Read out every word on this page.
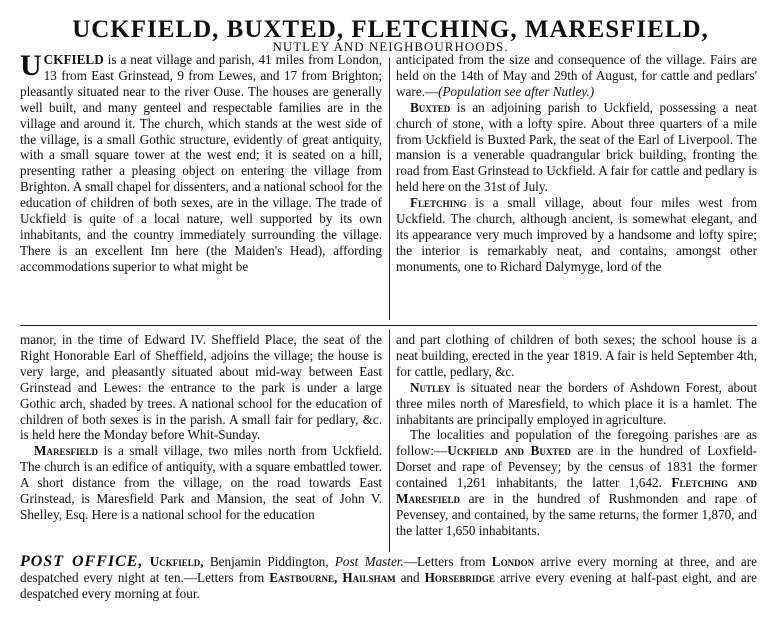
UCKFIELD, BUXTED, FLETCHING, MARESFIELD,
NUTLEY AND NEIGHBOURHOODS.

UCKFIELD is a neat village and parish, 41 miles from London, 13 from East Grinstead, 9 from Lewes, and 17 from Brighton; pleasantly situated near to the river Ouse. The houses are generally well built, and many genteel and respectable families are in the village and around it. The church, which stands at the west side of the village, is a small Gothic structure, evidently of great antiquity, with a small square tower at the west end; it is seated on a hill, presenting rather a pleasing object on entering the village from Brighton. A small chapel for dissenters, and a national school for the education of children of both sexes, are in the village. The trade of Uckfield is quite of a local nature, well supported by its own inhabitants, and the country immediately surrounding the village. There is an excellent Inn here (the Maiden's Head), affording accommodations superior to what might be

anticipated from the size and consequence of the village. Fairs are held on the 14th of May and 29th of August, for cattle and pedlars' ware.—(Population see after Nutley.)

Buxted is an adjoining parish to Uckfield, possessing a neat church of stone, with a lofty spire. About three quarters of a mile from Uckfield is Buxted Park, the seat of the Earl of Liverpool. The mansion is a venerable quadrangular brick building, fronting the road from East Grinstead to Uckfield. A fair for cattle and pedlary is held here on the 31st of July.

Fletching is a small village, about four miles west from Uckfield. The church, although ancient, is somewhat elegant, and its appearance very much improved by a handsome and lofty spire; the interior is remarkably neat, and contains, amongst other monuments, one to Richard Dalymyge, lord of the

manor, in the time of Edward IV. Sheffield Place, the seat of the Right Honorable Earl of Sheffield, adjoins the village; the house is very large, and pleasantly situated about mid-way between East Grinstead and Lewes: the entrance to the park is under a large Gothic arch, shaded by trees. A national school for the education of children of both sexes is in the parish. A small fair for pedlary, &c. is held here the Monday before Whit-Sunday.

Maresfield is a small village, two miles north from Uckfield. The church is an edifice of antiquity, with a square embattled tower. A short distance from the village, on the road towards East Grinstead, is Maresfield Park and Mansion, the seat of John V. Shelley, Esq. Here is a national school for the education

and part clothing of children of both sexes; the school house is a neat building, erected in the year 1819. A fair is held September 4th, for cattle, pedlary, &c.

Nutley is situated near the borders of Ashdown Forest, about three miles north of Maresfield, to which place it is a hamlet. The inhabitants are principally employed in agriculture.

The localities and population of the foregoing parishes are as follow:—Uckfield and Buxted are in the hundred of Loxfield-Dorset and rape of Pevensey; by the census of 1831 the former contained 1,261 inhabitants, the latter 1,642. Fletching and Maresfield are in the hundred of Rushmonden and rape of Pevensey, and contained, by the same returns, the former 1,870, and the latter 1,650 inhabitants.

POST OFFICE, Uckfield, Benjamin Piddington, Post Master.—Letters from London arrive every morning at three, and are despatched every night at ten.—Letters from Eastbourne, Hailsham and Horsebridge arrive every evening at half-past eight, and are despatched every morning at four.
